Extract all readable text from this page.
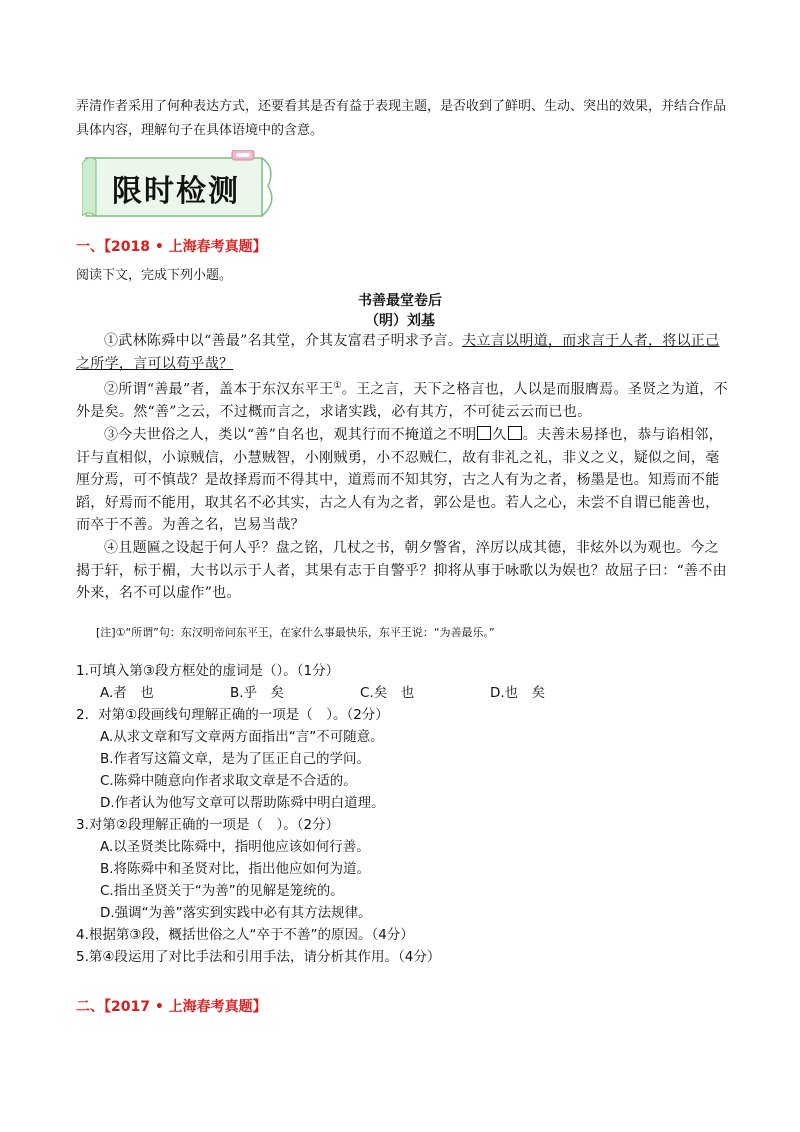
弄清作者采用了何种表达方式，还要看其是否有益于表现主题，是否收到了鲜明、生动、突出的效果，并结合作品具体内容，理解句子在具体语境中的含意。

限时检测
一、【2018 • 上海春考真题】

阅读下文，完成下列小题。

书善最堂卷后

（明）刘基

①武林陈舜中以“善最”名其堂，介其友富君子明求予言。夫立言以明道，而求言于人者，将以正己之所学，言可以苟乎哉？

②所谓“善最”者，盖本于东汉东平王①。王之言，天下之格言也，人以是而服膺焉。圣贤之为道，不外是矣。然“善”之云，不过概而言之，求诸实践，必有其方，不可徒云云而已也。

③今夫世俗之人，类以“善”自名也，观其行而不掩道之不明 久 。夫善未易择也，恭与谄相邻，讦与直相似，小谅贼信，小慧贼智，小刚贼勇，小不忍贼仁，故有非礼之礼，非义之义，疑似之间，毫厘分焉，可不慎哉？是故择焉而不得其中，道焉而不知其穷，古之人有为之者，杨墨是也。知焉而不能蹈，好焉而不能用，取其名不必其实，古之人有为之者，郭公是也。若人之心，未尝不自谓已能善也，而卒于不善。为善之名，岂易当哉？

④且题匾之设起于何人乎？盘之铭，几杖之书，朝夕警省，淬厉以成其德，非炫外以为观也。今之揭于轩，标于楣，大书以示于人者，其果有志于自警乎？抑将从事于咏歌以为娱也？故屈子曰：“善不由外来，名不可以虚作”也。

[注]①“所谓”句：东汉明帝问东平王，在家什么事最快乐，东平王说：“为善最乐。”

1.可填入第③段方框处的虚词是（）。（1分）

A.者　也	B.乎　矣	C.矣　也	D.也　矣

2．对第①段画线句理解正确的一项是（　）。（2分）

A.从求文章和写文章两方面指出“言”不可随意。

B.作者写这篇文章，是为了匡正自己的学问。

C.陈舜中随意向作者求取文章是不合适的。

D.作者认为他写文章可以帮助陈舜中明白道理。

3.对第②段理解正确的一项是（　）。（2分）

A.以圣贤类比陈舜中，指明他应该如何行善。

B.将陈舜中和圣贤对比，指出他应如何为道。

C.指出圣贤关于“为善”的见解是笼统的。

D.强调“为善”落实到实践中必有其方法规律。

4.根据第③段，概括世俗之人“卒于不善”的原因。（4分）

5.第④段运用了对比手法和引用手法，请分析其作用。（4分）

二、【2017 • 上海春考真题】
